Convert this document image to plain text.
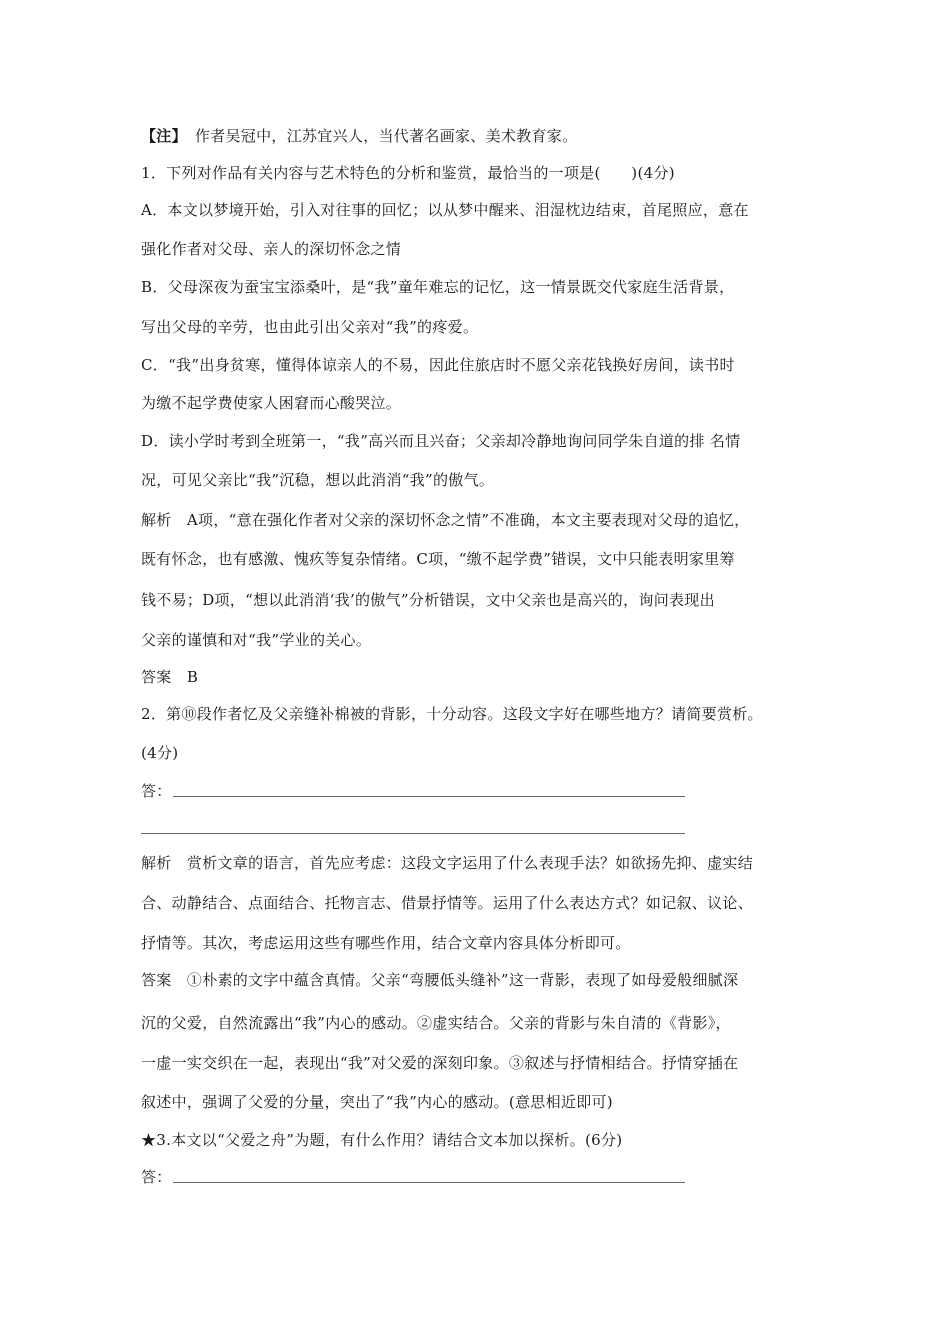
【注】 作者吴冠中，江苏宜兴人，当代著名画家、美术教育家。
1．下列对作品有关内容与艺术特色的分析和鉴赏，最恰当的一项是(　　)(4分)
A．本文以梦境开始，引入对往事的回忆；以从梦中醒来、泪湿枕边结束，首尾照应，意在
强化作者对父母、亲人的深切怀念之情
B．父母深夜为蚕宝宝添桑叶，是“我”童年难忘的记忆，这一情景既交代家庭生活背景，
写出父母的辛劳，也由此引出父亲对“我”的疼爱。
C．“我”出身贫寒，懂得体谅亲人的不易，因此住旅店时不愿父亲花钱换好房间，读书时
为缴不起学费使家人困窘而心酸哭泣。
D．读小学时考到全班第一，“我”高兴而且兴奋；父亲却冷静地询问同学朱自道的排 名情
况，可见父亲比“我”沉稳，想以此消消“我”的傲气。
解析　A项，“意在强化作者对父亲的深切怀念之情”不准确，本文主要表现对父母的追忆，
既有怀念，也有感激、愧疚等复杂情绪。C项，“缴不起学费”错误，文中只能表明家里筹
钱不易；D项，“想以此消消‘我’的傲气”分析错误，文中父亲也是高兴的，询问表现出
父亲的谨慎和对“我”学业的关心。
答案　B
2．第⑩段作者忆及父亲缝补棉被的背影，十分动容。这段文字好在哪些地方？请简要赏析。
(4分)
答：
解析　赏析文章的语言，首先应考虑：这段文字运用了什么表现手法？如欲扬先抑、虚实结
合、动静结合、点面结合、托物言志、借景抒情等。运用了什么表达方式？如记叙、议论、
抒情等。其次，考虑运用这些有哪些作用，结合文章内容具体分析即可。
答案　①朴素的文字中蕴含真情。父亲“弯腰低头缝补”这一背影，表现了如母爱般细腻深
沉的父爱，自然流露出“我”内心的感动。②虚实结合。父亲的背影与朱自清的《背影》，
一虚一实交织在一起，表现出“我”对父爱的深刻印象。③叙述与抒情相结合。抒情穿插在
叙述中，强调了父爱的分量，突出了“我”内心的感动。(意思相近即可)
★3.本文以“父爱之舟”为题，有什么作用？请结合文本加以探析。(6分)
答：
